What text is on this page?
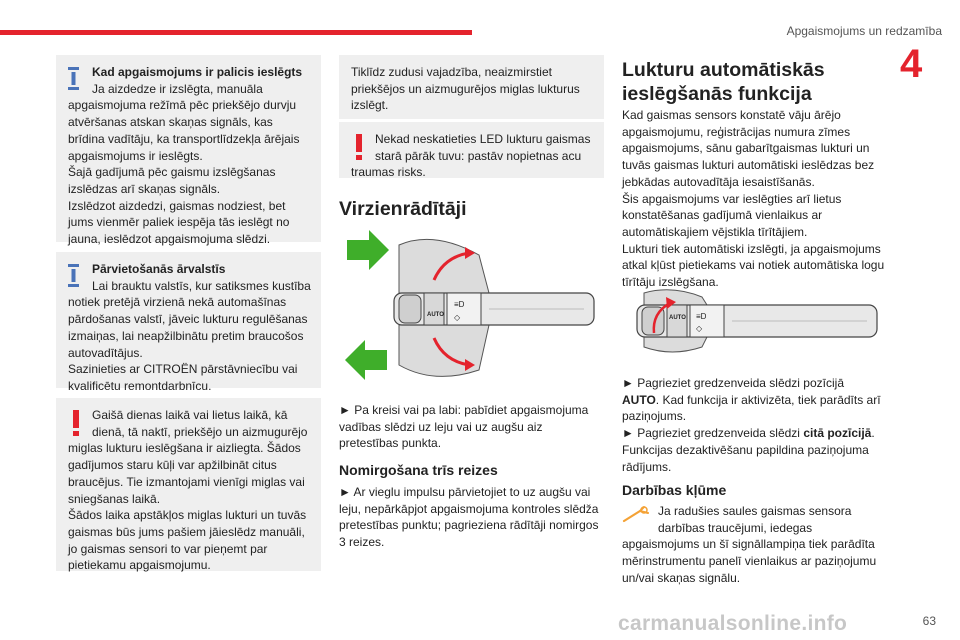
Apgaismojums un redzamība
4
Kad apgaismojums ir palicis ieslēgts
Ja aizdedze ir izslēgta, manuāla
apgaismojuma režīmā pēc priekšējo durvju atvēršanas atskan skaņas signāls, kas brīdina vadītāju, ka transportlīdzekļa ārējais apgaismojums ir ieslēgts.
Šajā gadījumā pēc gaismu izslēgšanas izslēdzas arī skaņas signāls.
Izslēdzot aizdedzi, gaismas nodziest, bet jums vienmēr paliek iespēja tās ieslēgt no jauna, ieslēdzot apgaismojuma slēdzi.
Pārvietošanās ārvalstīs
Lai brauktu valstīs, kur satiksmes kustība
notiek pretējā virzienā nekā automašīnas pārdošanas valstī, jāveic lukturu regulēšanas izmaiņas, lai neapžilbinātu pretim braucošos autovadītājus.
Sazinieties ar CITROËN pārstāvniecību vai kvalificētu remontdarbnīcu.
Gaišā dienas laikā vai lietus laikā, kā
dienā, tā naktī, priekšējo un aizmugurējo
miglas lukturu ieslēgšana ir aizliegta. Šādos gadījumos staru kūļi var apžilbināt citus braucējus. Tie izmantojami vienīgi miglas vai sniegšanas laikā.
Šādos laika apstākļos miglas lukturi un tuvās gaismas būs jums pašiem jāieslēdz manuāli, jo gaismas sensori to var pieņemt par pietiekamu apgaismojumu.
Tiklīdz zudusi vajadzība, neaizmirstiet priekšējos un aizmugurējos miglas lukturus izslēgt.
Nekad neskatieties LED lukturu gaismas
starā pārāk tuvu: pastāv nopietnas acu
traumas risks.
Virzienrādītāji
AUTO
≡D
◇
► Pa kreisi vai pa labi: pabīdiet apgaismojuma vadības slēdzi uz leju vai uz augšu aiz pretestības punkta.
Nomirgošana trīs reizes
► Ar vieglu impulsu pārvietojiet to uz augšu vai leju, nepārkāpjot apgaismojuma kontroles slēdža pretestības punktu; pagrieziena rādītāji nomirgos 3 reizes.
Lukturu automātiskās
ieslēgšanās funkcija
Kad gaismas sensors konstatē vāju ārējo apgaismojumu, reģistrācijas numura zīmes apgaismojums, sānu gabarītgaismas lukturi un tuvās gaismas lukturi automātiski ieslēdzas bez jebkādas autovadītāja iesaistīšanās.
Šis apgaismojums var ieslēgties arī lietus konstatēšanas gadījumā vienlaikus ar automātiskajiem vējstikla tīrītājiem.
Lukturi tiek automātiski izslēgti, ja apgaismojums atkal kļūst pietiekams vai notiek automātiska logu tīrītāju izslēgšana.
AUTO ≡D
◇
► Pagrieziet gredzenveida slēdzi pozīcijā
AUTO. Kad funkcija ir aktivizēta, tiek parādīts arī paziņojums.
► Pagrieziet gredzenveida slēdzi citā pozīcijā. Funkcijas dezaktivēšanu papildina paziņojuma rādījums.
Darbības kļūme
Ja radušies saules gaismas sensora
darbības traucējumi, iedegas
apgaismojums un šī signāllampiņa tiek parādīta mērinstrumentu panelī vienlaikus ar paziņojumu un/vai skaņas signālu.
carmanualsonline.info	63
